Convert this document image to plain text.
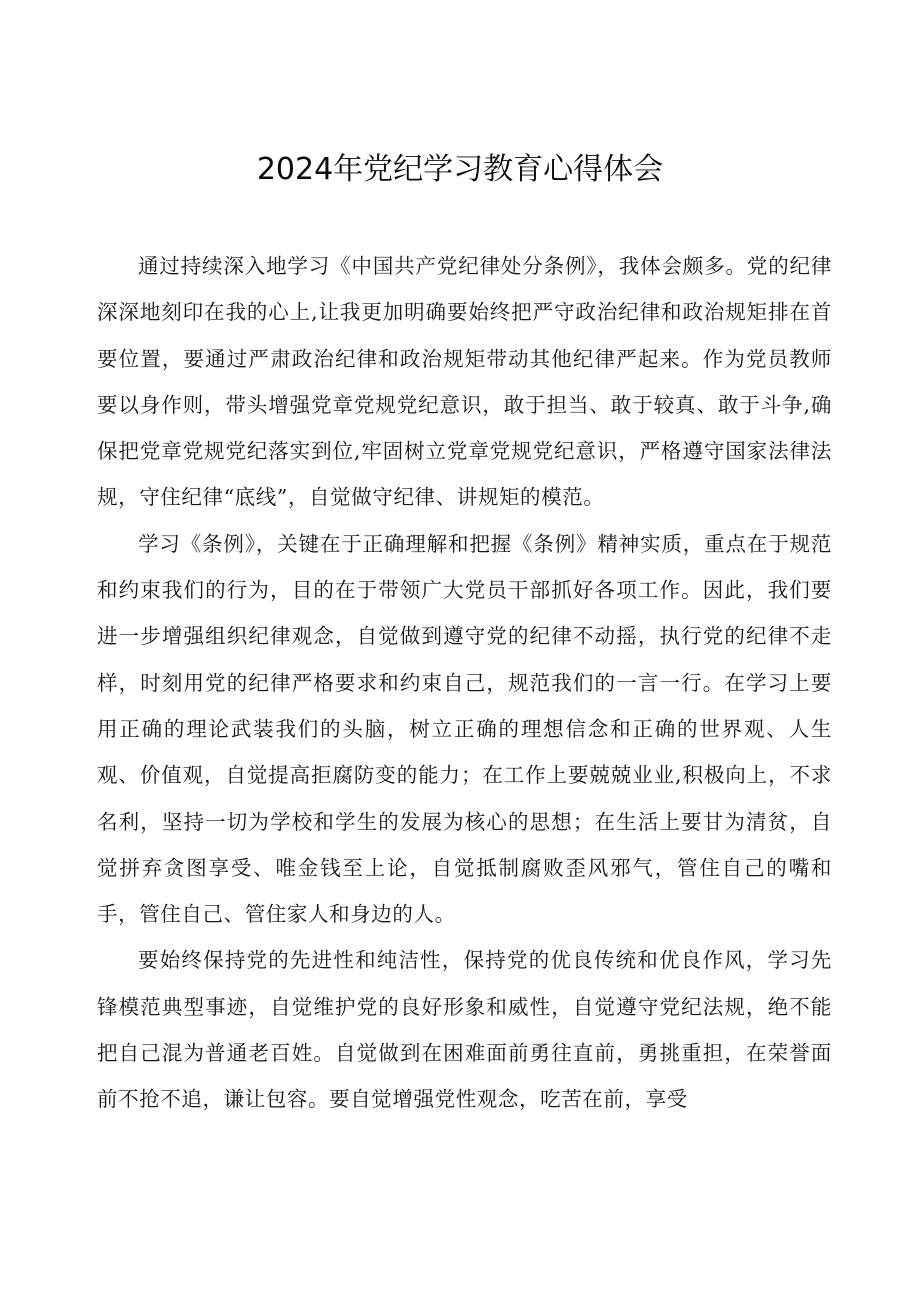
2024年党纪学习教育心得体会

通过持续深入地学习《中国共产党纪律处分条例》，我体会颇多。党的纪律深深地刻印在我的心上,让我更加明确要始终把严守政治纪律和政治规矩排在首要位置，要通过严肃政治纪律和政治规矩带动其他纪律严起来。作为党员教师要以身作则，带头增强党章党规党纪意识，敢于担当、敢于较真、敢于斗争,确保把党章党规党纪落实到位,牢固树立党章党规党纪意识，严格遵守国家法律法规，守住纪律“底线”，自觉做守纪律、讲规矩的模范。

学习《条例》，关键在于正确理解和把握《条例》精神实质，重点在于规范和约束我们的行为，目的在于带领广大党员干部抓好各项工作。因此，我们要进一步增强组织纪律观念，自觉做到遵守党的纪律不动摇，执行党的纪律不走样，时刻用党的纪律严格要求和约束自己，规范我们的一言一行。在学习上要用正确的理论武装我们的头脑，树立正确的理想信念和正确的世界观、人生观、价值观，自觉提高拒腐防变的能力；在工作上要兢兢业业,积极向上，不求名利，坚持一切为学校和学生的发展为核心的思想；在生活上要甘为清贫，自觉拼弃贪图享受、唯金钱至上论，自觉抵制腐败歪风邪气，管住自己的嘴和手，管住自己、管住家人和身边的人。

要始终保持党的先进性和纯洁性，保持党的优良传统和优良作风，学习先锋模范典型事迹，自觉维护党的良好形象和威性，自觉遵守党纪法规，绝不能把自己混为普通老百姓。自觉做到在困难面前勇往直前，勇挑重担，在荣誉面前不抢不追，谦让包容。要自觉增强党性观念，吃苦在前，享受
